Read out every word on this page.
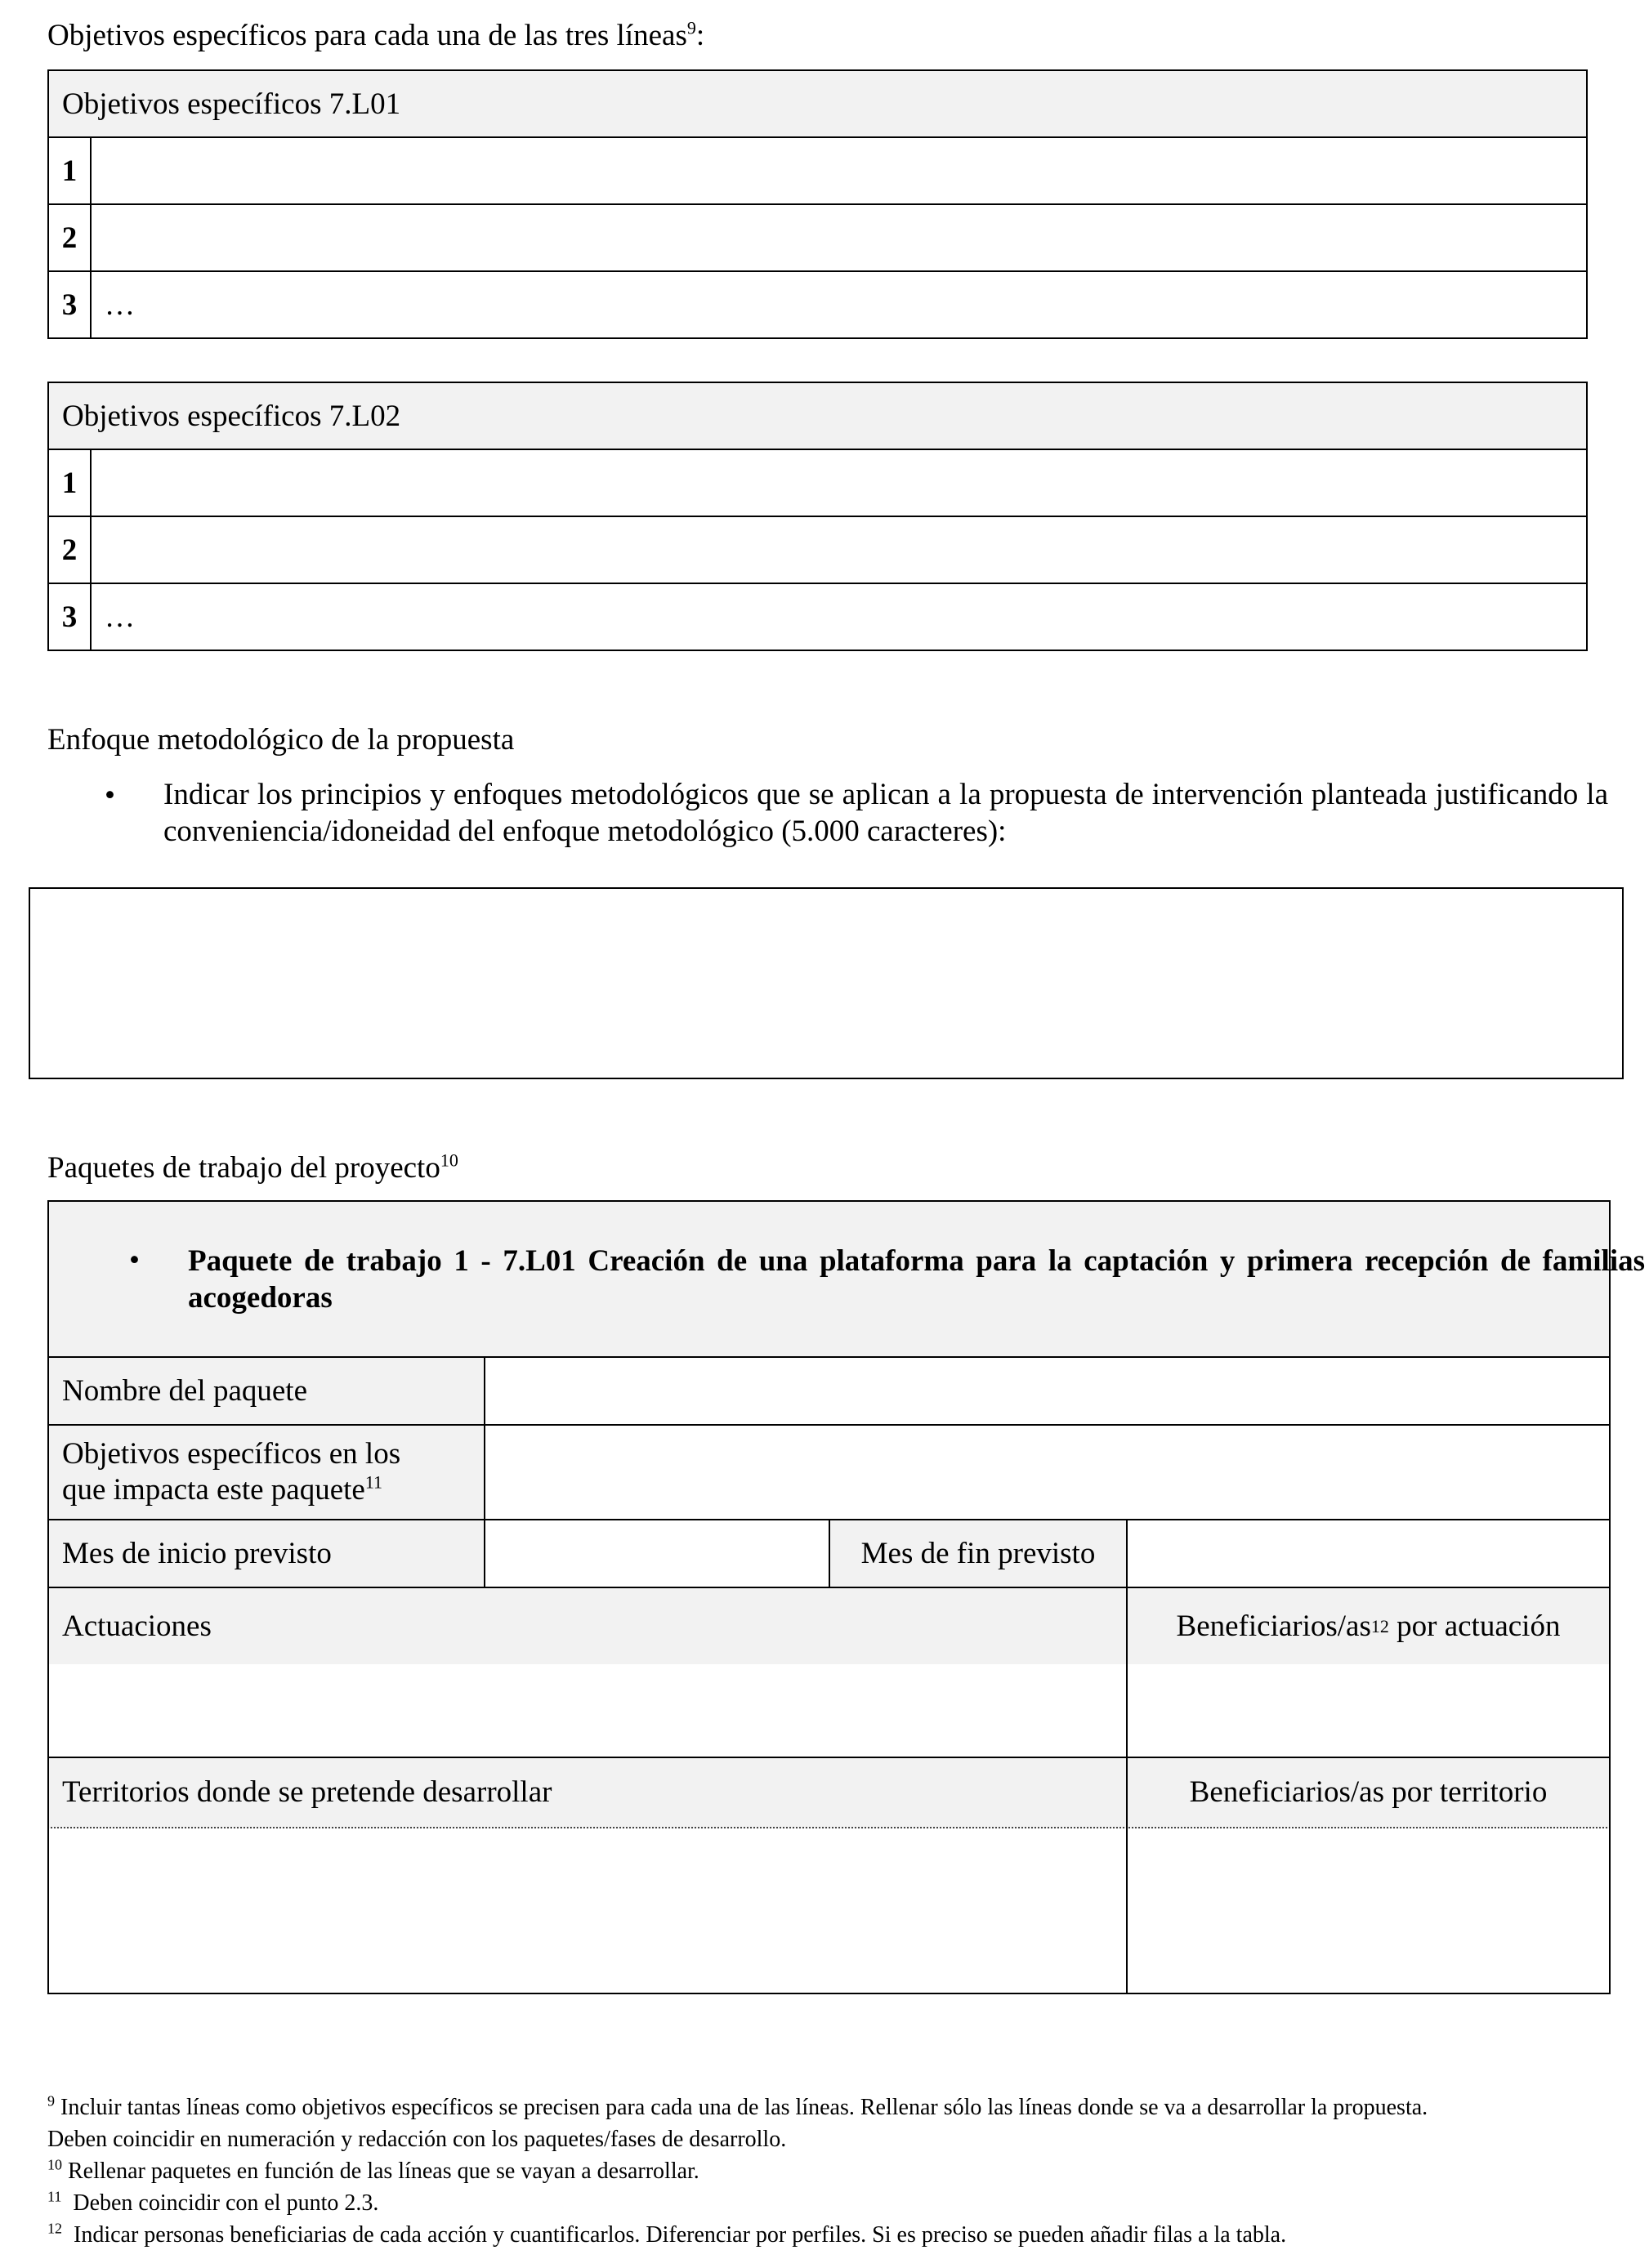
Objetivos específicos para cada una de las tres líneas$^9$:
Objetivos específicos 7.L01	
1	
2	
3	…
Objetivos específicos 7.L02	
1	
2	
3	…
Enfoque metodológico de la propuesta
• Indicar los principios y enfoques metodológicos que se aplican a la propuesta de intervención planteada justificando la conveniencia/idoneidad del enfoque metodológico (5.000 caracteres):
Paquetes de trabajo del proyecto$^{10}$
• Paquete de trabajo 1 - 7.L01 Creación de una plataforma para la captación y primera recepción de familias acogedoras
Nombre del paquete
Objetivos específicos en los que impacta este paquete$^{11}$
Mes de inicio previsto	Mes de fin previsto
Actuaciones	Beneficiarios/as 12 por actuación
Territorios donde se pretende desarrollar	Beneficiarios/as por territorio
$^9$ Incluir tantas líneas como objetivos específicos se precisen para cada una de las líneas. Rellenar sólo las líneas donde se va a desarrollar la propuesta.
Deben coincidir en numeración y redacción con los paquetes/fases de desarrollo.
$^{10}$ Rellenar paquetes en función de las líneas que se vayan a desarrollar.
$^{11}$ Deben coincidir con el punto 2.3.
$^{12}$ Indicar personas beneficiarias de cada acción y cuantificarlos. Diferenciar por perfiles. Si es preciso se pueden añadir filas a la tabla.
